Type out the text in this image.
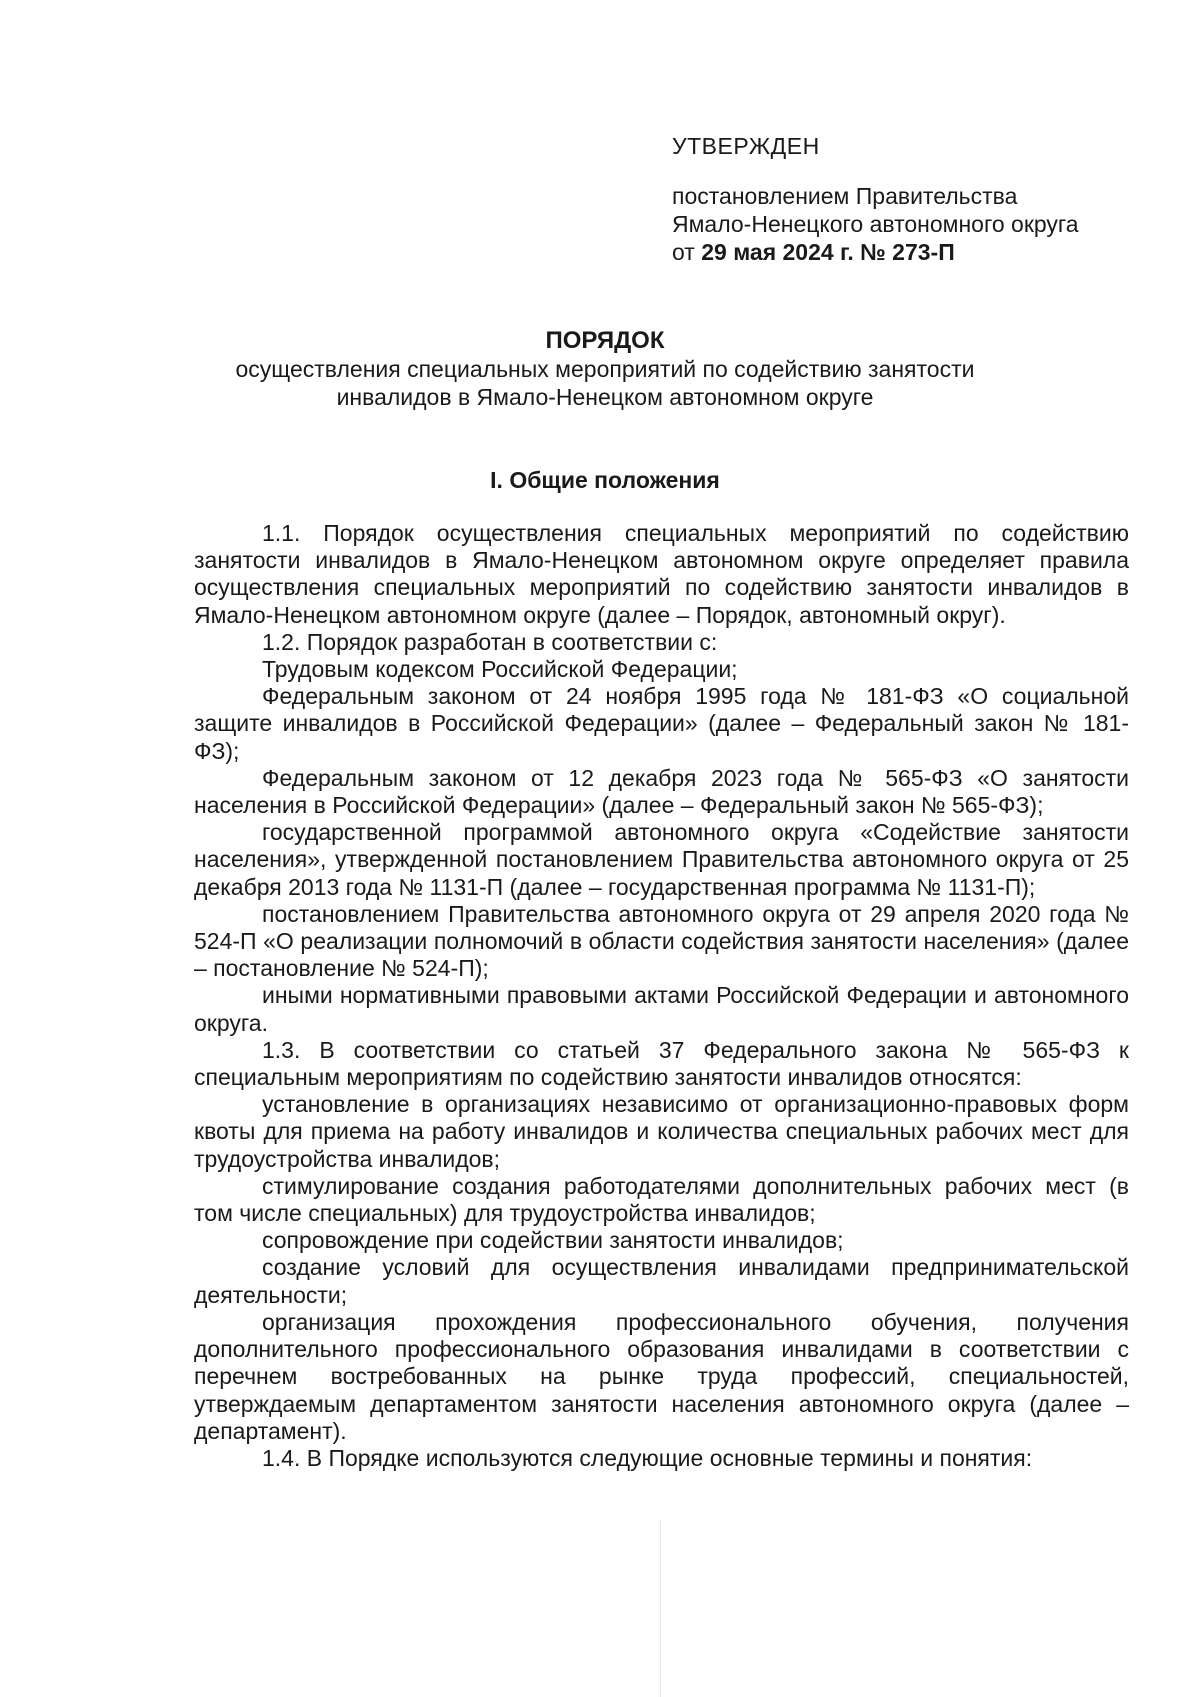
УТВЕРЖДЕН
постановлением Правительства
Ямало-Ненецкого автономного округа
от 29 мая 2024 г. № 273-П
ПОРЯДОК
осуществления специальных мероприятий по содействию занятости
инвалидов в Ямало-Ненецком автономном округе
I. Общие положения

1.1. Порядок осуществления специальных мероприятий по содействию занятости инвалидов в Ямало-Ненецком автономном округе определяет правила осуществления специальных мероприятий по содействию занятости инвалидов в Ямало-Ненецком автономном округе (далее – Порядок, автономный округ).

1.2. Порядок разработан в соответствии с:

Трудовым кодексом Российской Федерации;

Федеральным законом от 24 ноября 1995 года № 181-ФЗ «О социальной защите инвалидов в Российской Федерации» (далее – Федеральный закон № 181-ФЗ);

Федеральным законом от 12 декабря 2023 года № 565-ФЗ «О занятости населения в Российской Федерации» (далее – Федеральный закон № 565-ФЗ);

государственной программой автономного округа «Содействие занятости населения», утвержденной постановлением Правительства автономного округа от 25 декабря 2013 года № 1131-П (далее – государственная программа № 1131-П);

постановлением Правительства автономного округа от 29 апреля 2020 года № 524-П «О реализации полномочий в области содействия занятости населения» (далее – постановление № 524-П);

иными нормативными правовыми актами Российской Федерации и автономного округа.

1.3. В соответствии со статьей 37 Федерального закона № 565-ФЗ к специальным мероприятиям по содействию занятости инвалидов относятся:

установление в организациях независимо от организационно-правовых форм квоты для приема на работу инвалидов и количества специальных рабочих мест для трудоустройства инвалидов;

стимулирование создания работодателями дополнительных рабочих мест (в том числе специальных) для трудоустройства инвалидов;

сопровождение при содействии занятости инвалидов;

создание условий для осуществления инвалидами предпринимательской деятельности;

организация прохождения профессионального обучения, получения дополнительного профессионального образования инвалидами в соответствии с перечнем востребованных на рынке труда профессий, специальностей, утверждаемым департаментом занятости населения автономного округа (далее – департамент).

1.4. В Порядке используются следующие основные термины и понятия:
